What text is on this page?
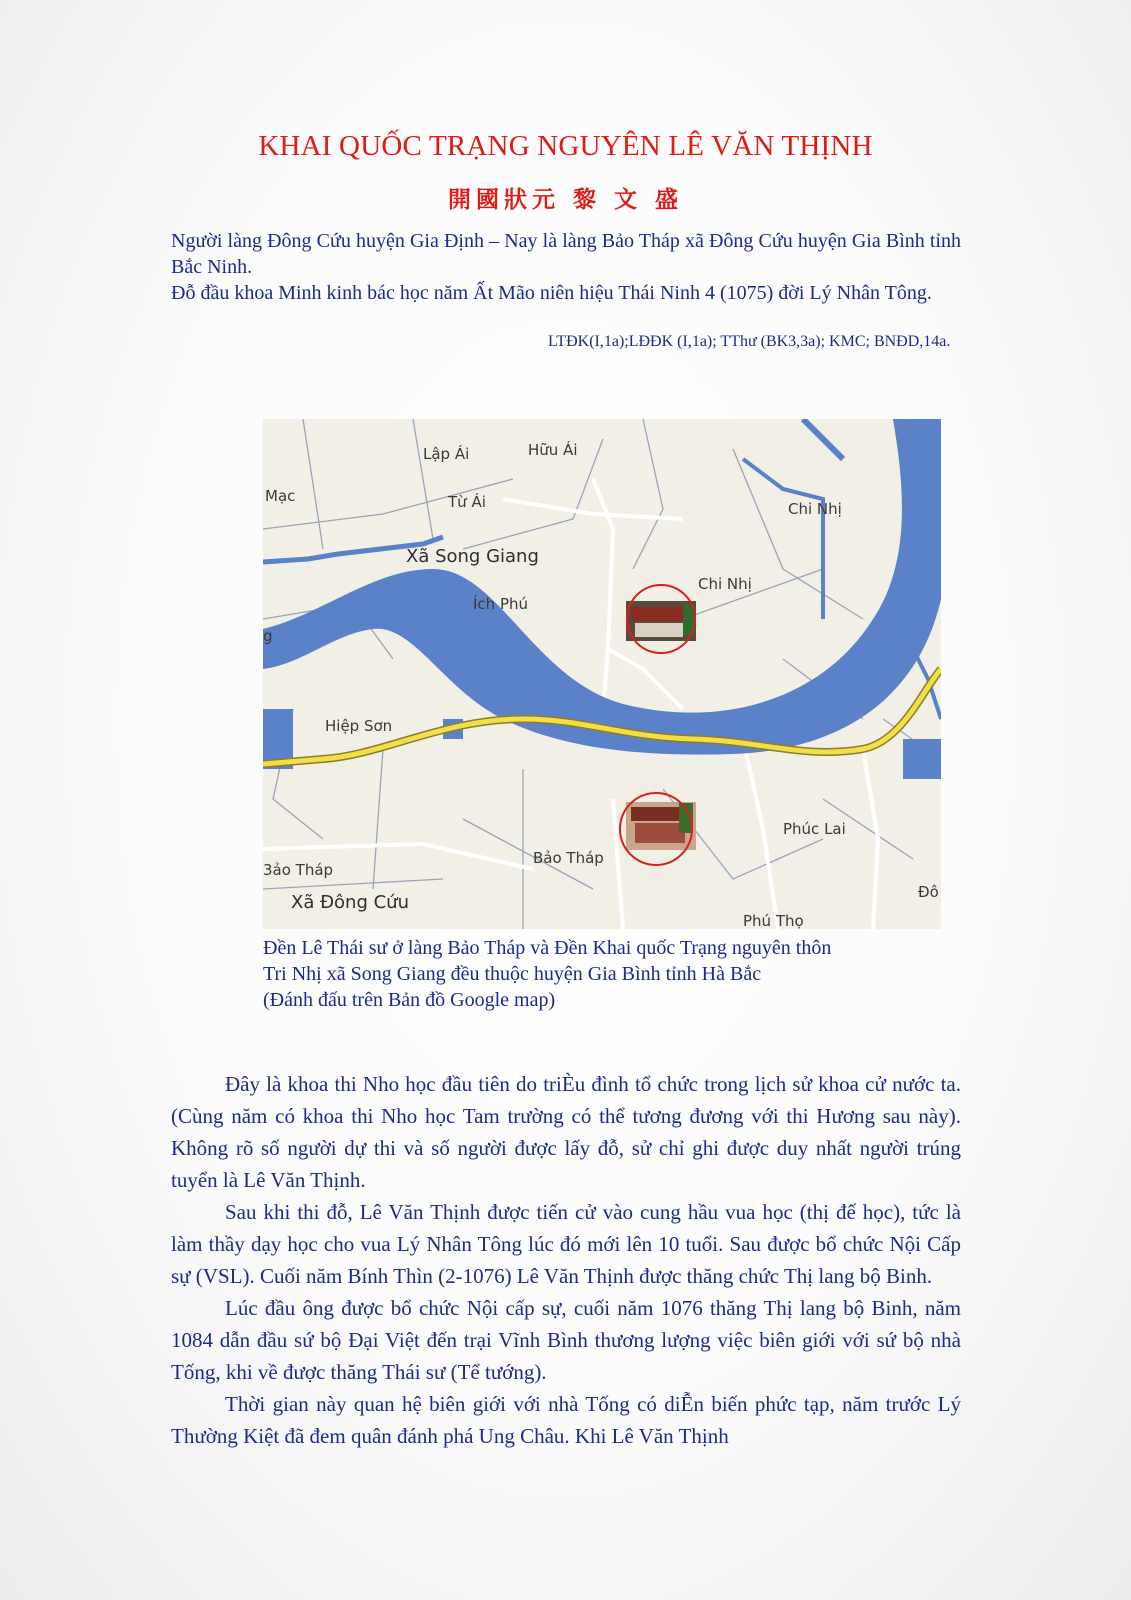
KHAI QUỐC TRẠNG NGUYÊN LÊ VĂN THỊNH
開國狀元 黎 文 盛

Người làng Đông Cứu huyện Gia Định – Nay là làng Bảo Tháp xã Đông Cứu huyện Gia Bình tỉnh Bắc Ninh.

Đỗ đầu khoa Minh kinh bác học năm Ất Mão niên hiệu Thái Ninh 4 (1075) đời Lý Nhân Tông.

LTĐK(I,1a);LĐĐK (I,1a); TThư (BK3,3a); KMC; BNĐD,14a.
Lập Ái	Hữu Ái
Mạc	Từ Ái	Chi Nhị
Xã Song Giang
Chi Nhị
Ích Phú
g
Hiệp Sơn
Phúc Lai
Bảo Tháp
3ảo Tháp
Xã Đông Cứu	Đô
Phú Thọ

Đền Lê Thái sư ở làng Bảo Tháp và Đền Khai quốc Trạng nguyên thôn

Tri Nhị xã Song Giang đều thuộc huyện Gia Bình tỉnh Hà Bắc

(Đánh đấu trên Bản đồ Google map)

Đây là khoa thi Nho học đầu tiên do triÈu đình tổ chức trong lịch sử khoa cử nước ta. (Cùng năm có khoa thi Nho học Tam trường có thể tương đương với thi Hương sau này). Không rõ số người dự thi và số người được lấy đỗ, sử chỉ ghi được duy nhất người trúng tuyển là Lê Văn Thịnh.

Sau khi thi đỗ, Lê Văn Thịnh được tiến cử vào cung hầu vua học (thị đế học), tức là làm thầy dạy học cho vua Lý Nhân Tông lúc đó mới lên 10 tuổi. Sau được bổ chức Nội Cấp sự (VSL). Cuối năm Bính Thìn (2-1076) Lê Văn Thịnh được thăng chức Thị lang bộ Binh.

Lúc đầu ông được bổ chức Nội cấp sự, cuối năm 1076 thăng Thị lang bộ Binh, năm 1084 dẫn đầu sứ bộ Đại Việt đến trại Vĩnh Bình thương lượng việc biên giới với sứ bộ nhà Tống, khi về được thăng Thái sư (Tể tướng).

Thời gian này quan hệ biên giới với nhà Tống có diỄn biến phức tạp, năm trước Lý Thường Kiệt đã đem quân đánh phá Ung Châu. Khi Lê Văn Thịnh
